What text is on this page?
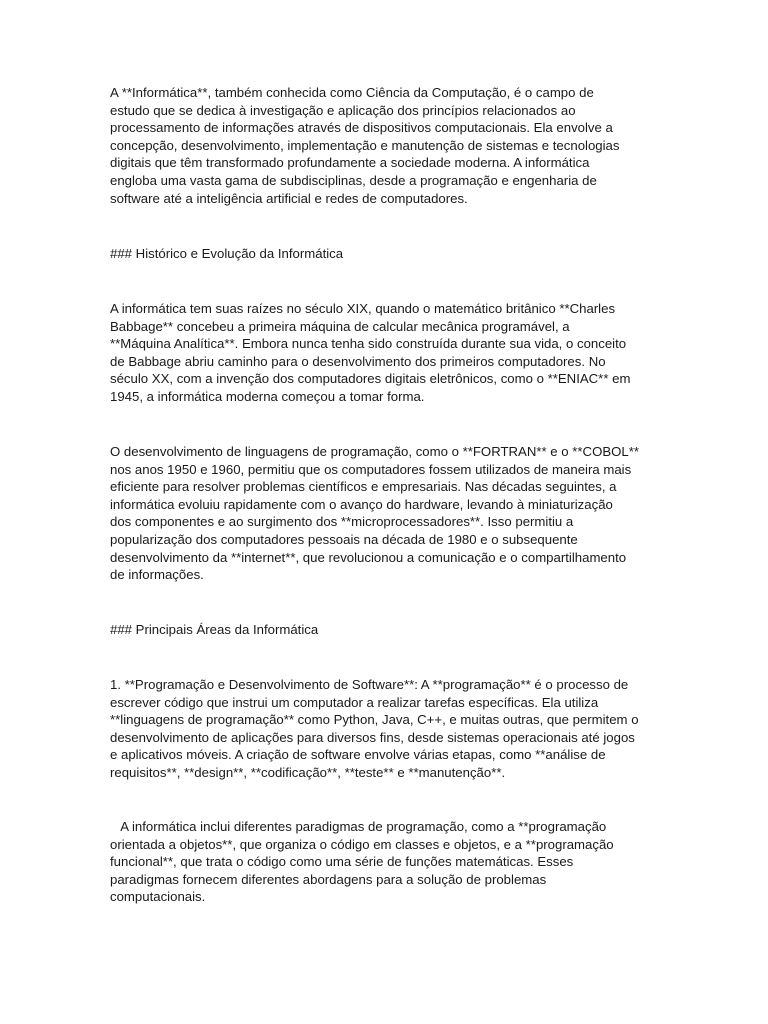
A **Informática**, também conhecida como Ciência da Computação, é o campo de
estudo que se dedica à investigação e aplicação dos princípios relacionados ao
processamento de informações através de dispositivos computacionais. Ela envolve a
concepção, desenvolvimento, implementação e manutenção de sistemas e tecnologias
digitais que têm transformado profundamente a sociedade moderna. A informática
engloba uma vasta gama de subdisciplinas, desde a programação e engenharia de
software até a inteligência artificial e redes de computadores.
### Histórico e Evolução da Informática
A informática tem suas raízes no século XIX, quando o matemático britânico **Charles
Babbage** concebeu a primeira máquina de calcular mecânica programável, a
**Máquina Analítica**. Embora nunca tenha sido construída durante sua vida, o conceito
de Babbage abriu caminho para o desenvolvimento dos primeiros computadores. No
século XX, com a invenção dos computadores digitais eletrônicos, como o **ENIAC** em
1945, a informática moderna começou a tomar forma.
O desenvolvimento de linguagens de programação, como o **FORTRAN** e o **COBOL**
nos anos 1950 e 1960, permitiu que os computadores fossem utilizados de maneira mais
eficiente para resolver problemas científicos e empresariais. Nas décadas seguintes, a
informática evoluiu rapidamente com o avanço do hardware, levando à miniaturização
dos componentes e ao surgimento dos **microprocessadores**. Isso permitiu a
popularização dos computadores pessoais na década de 1980 e o subsequente
desenvolvimento da **internet**, que revolucionou a comunicação e o compartilhamento
de informações.
### Principais Áreas da Informática
1. **Programação e Desenvolvimento de Software**: A **programação** é o processo de
escrever código que instrui um computador a realizar tarefas específicas. Ela utiliza
**linguagens de programação** como Python, Java, C++, e muitas outras, que permitem o
desenvolvimento de aplicações para diversos fins, desde sistemas operacionais até jogos
e aplicativos móveis. A criação de software envolve várias etapas, como **análise de
requisitos**, **design**, **codificação**, **teste** e **manutenção**.
A informática inclui diferentes paradigmas de programação, como a **programação
orientada a objetos**, que organiza o código em classes e objetos, e a **programação
funcional**, que trata o código como uma série de funções matemáticas. Esses
paradigmas fornecem diferentes abordagens para a solução de problemas
computacionais.
